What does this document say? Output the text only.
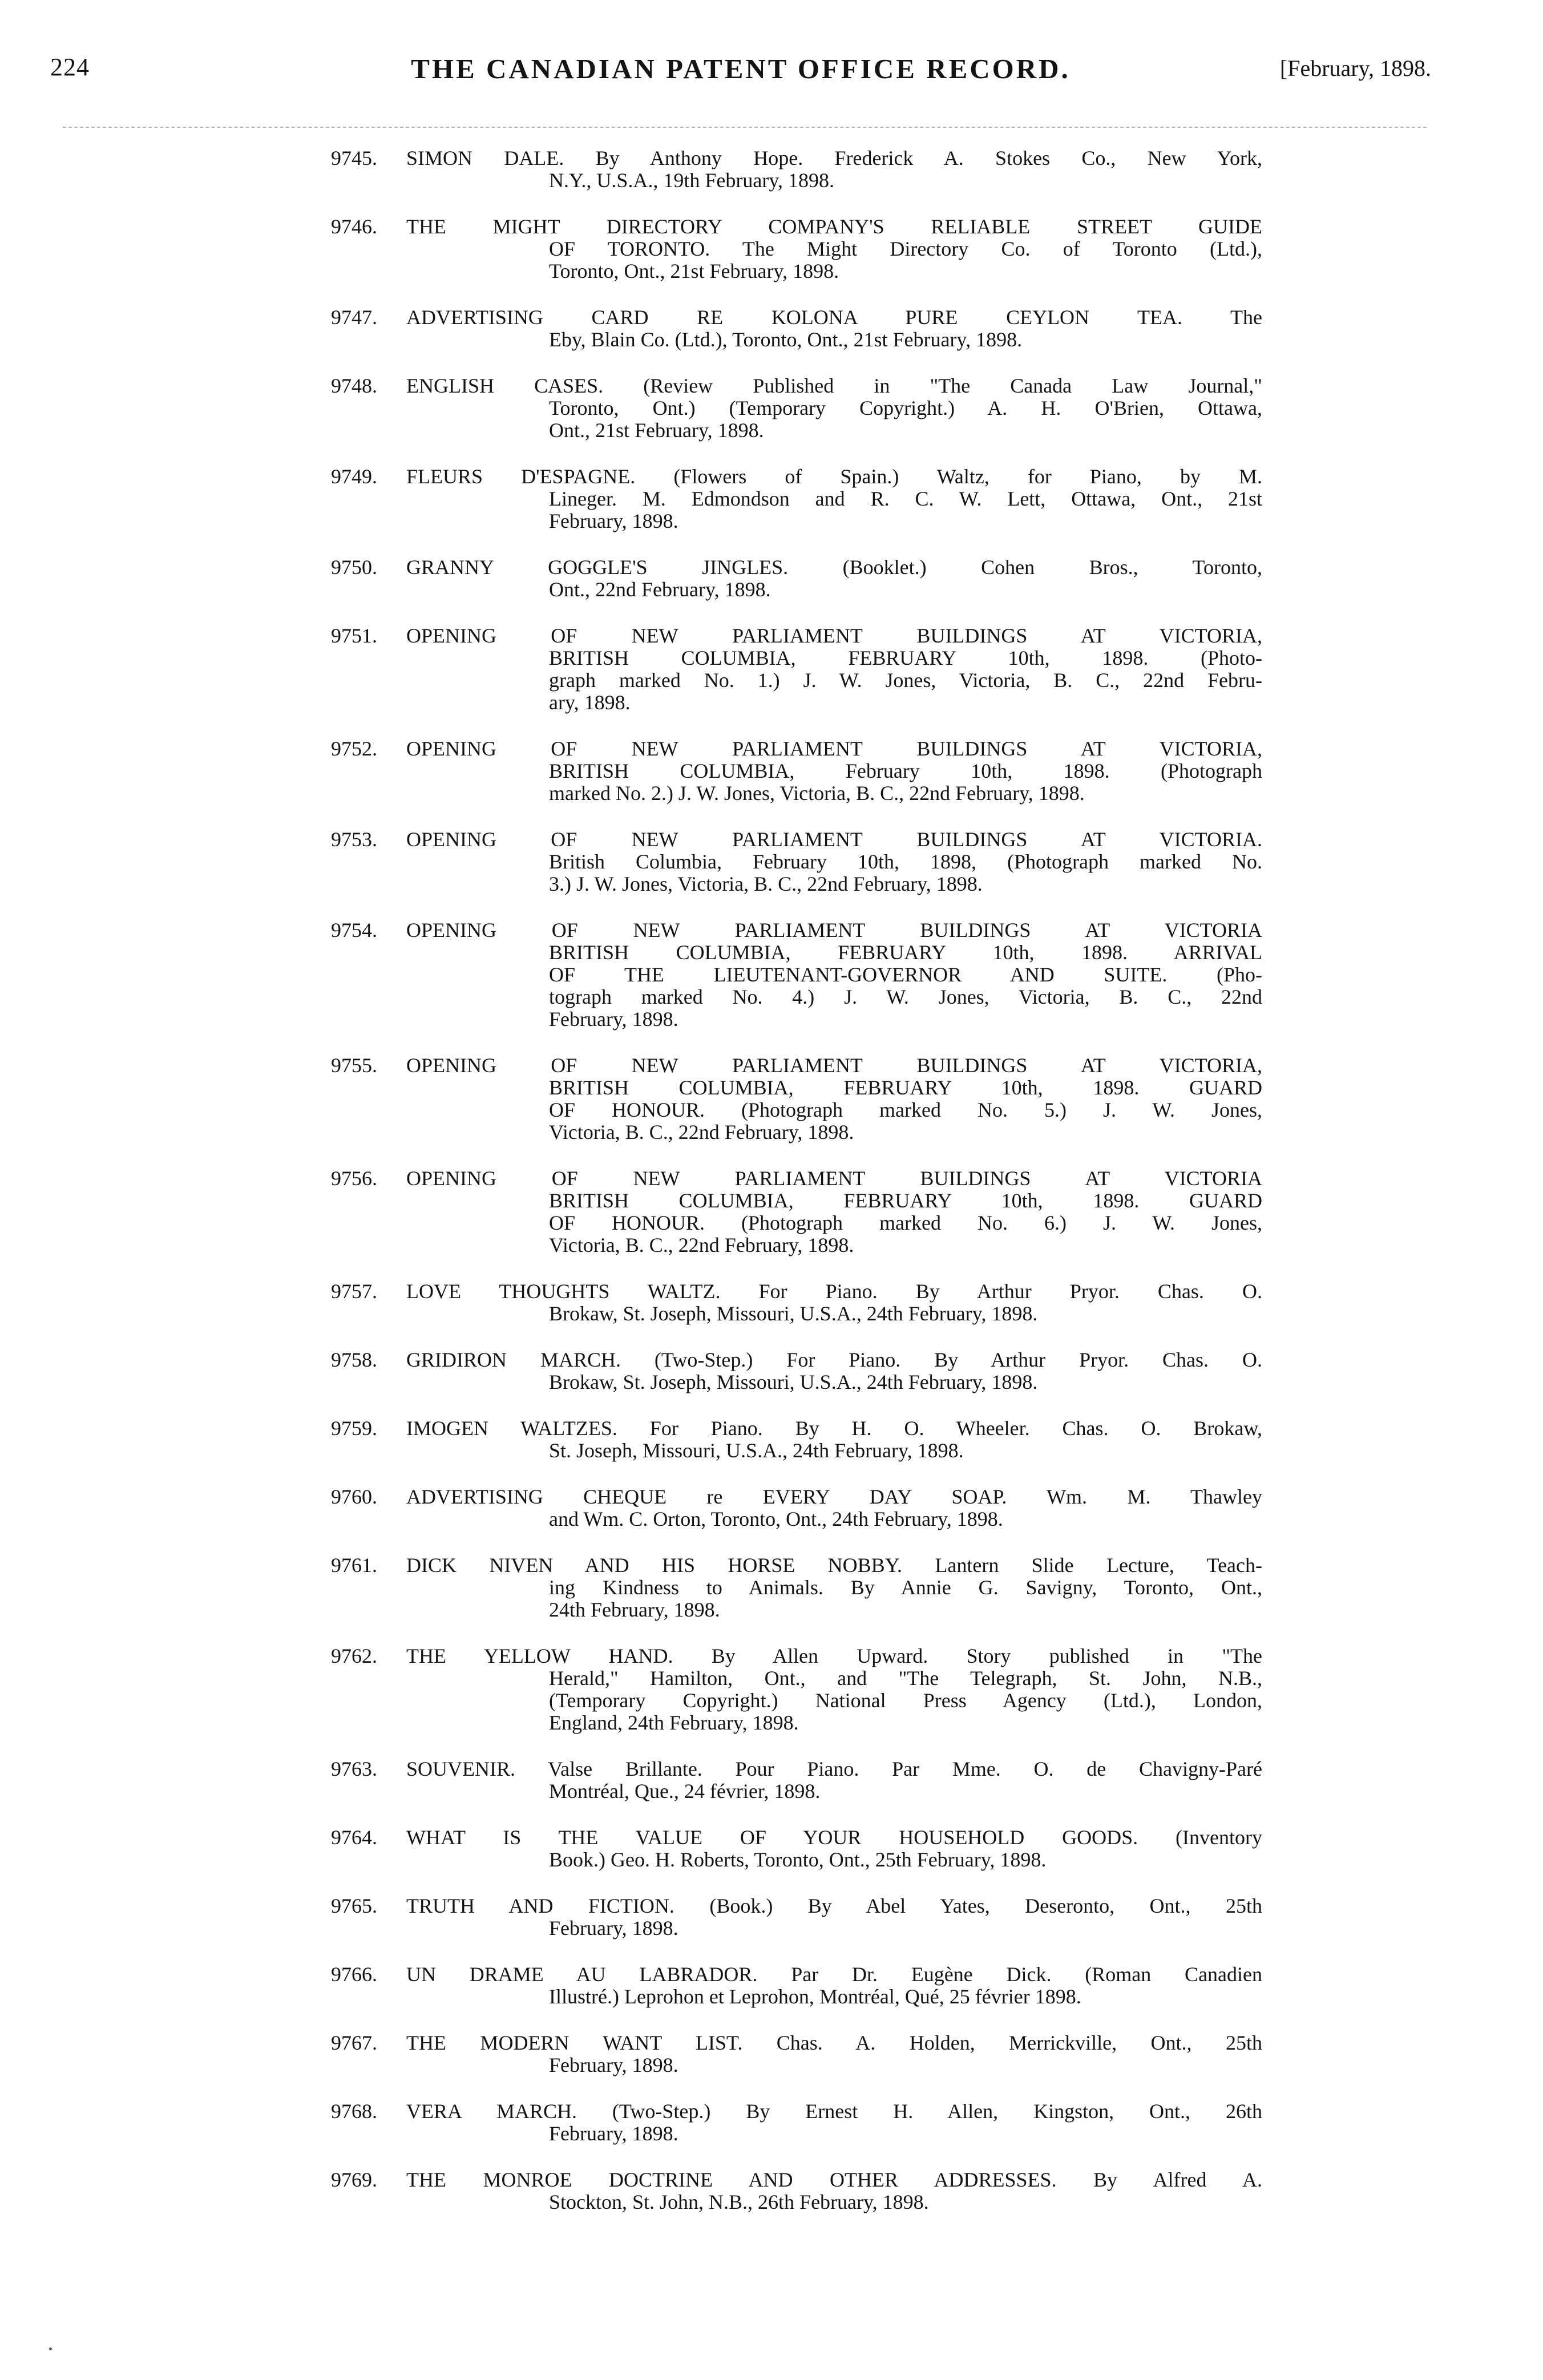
224	THE CANADIAN PATENT OFFICE RECORD.	[February, 1898.
9745. SIMON DALE. By Anthony Hope. Frederick A. Stokes Co., New York,
N.Y., U.S.A., 19th February, 1898.
9746. THE MIGHT DIRECTORY COMPANY'S RELIABLE STREET GUIDE
OF TORONTO. The Might Directory Co. of Toronto (Ltd.),
Toronto, Ont., 21st February, 1898.
9747. ADVERTISING CARD RE KOLONA PURE CEYLON TEA. The
Eby, Blain Co. (Ltd.), Toronto, Ont., 21st February, 1898.
9748. ENGLISH CASES. (Review Published in "The Canada Law Journal,"
Toronto, Ont.) (Temporary Copyright.) A. H. O'Brien, Ottawa,
Ont., 21st February, 1898.
9749. FLEURS D'ESPAGNE. (Flowers of Spain.) Waltz, for Piano, by M.
Lineger. M. Edmondson and R. C. W. Lett, Ottawa, Ont., 21st
February, 1898.
9750. GRANNY GOGGLE'S JINGLES. (Booklet.) Cohen Bros., Toronto,
Ont., 22nd February, 1898.
9751. OPENING OF NEW PARLIAMENT BUILDINGS AT VICTORIA,
BRITISH COLUMBIA, FEBRUARY 10th, 1898. (Photo-
graph marked No. 1.) J. W. Jones, Victoria, B. C., 22nd Febru-
ary, 1898.
9752. OPENING OF NEW PARLIAMENT BUILDINGS AT VICTORIA,
BRITISH COLUMBIA, February 10th, 1898. (Photograph
marked No. 2.) J. W. Jones, Victoria, B. C., 22nd February, 1898.
9753. OPENING OF NEW PARLIAMENT BUILDINGS AT VICTORIA.
British Columbia, February 10th, 1898, (Photograph marked No.
3.) J. W. Jones, Victoria, B. C., 22nd February, 1898.
9754. OPENING OF NEW PARLIAMENT BUILDINGS AT VICTORIA
BRITISH COLUMBIA, FEBRUARY 10th, 1898. ARRIVAL
OF THE LIEUTENANT-GOVERNOR AND SUITE. (Pho-
tograph marked No. 4.) J. W. Jones, Victoria, B. C., 22nd
February, 1898.
9755. OPENING OF NEW PARLIAMENT BUILDINGS AT VICTORIA,
BRITISH COLUMBIA, FEBRUARY 10th, 1898. GUARD
OF HONOUR. (Photograph marked No. 5.) J. W. Jones,
Victoria, B. C., 22nd February, 1898.
9756. OPENING OF NEW PARLIAMENT BUILDINGS AT VICTORIA
BRITISH COLUMBIA, FEBRUARY 10th, 1898. GUARD
OF HONOUR. (Photograph marked No. 6.) J. W. Jones,
Victoria, B. C., 22nd February, 1898.
9757. LOVE THOUGHTS WALTZ. For Piano. By Arthur Pryor. Chas. O.
Brokaw, St. Joseph, Missouri, U.S.A., 24th February, 1898.
9758. GRIDIRON MARCH. (Two-Step.) For Piano. By Arthur Pryor. Chas. O.
Brokaw, St. Joseph, Missouri, U.S.A., 24th February, 1898.
9759. IMOGEN WALTZES. For Piano. By H. O. Wheeler. Chas. O. Brokaw,
St. Joseph, Missouri, U.S.A., 24th February, 1898.
9760. ADVERTISING CHEQUE re EVERY DAY SOAP. Wm. M. Thawley
and Wm. C. Orton, Toronto, Ont., 24th February, 1898.
9761. DICK NIVEN AND HIS HORSE NOBBY. Lantern Slide Lecture, Teach-
ing Kindness to Animals. By Annie G. Savigny, Toronto, Ont.,
24th February, 1898.
9762. THE YELLOW HAND. By Allen Upward. Story published in "The
Herald," Hamilton, Ont., and "The Telegraph, St. John, N.B.,
(Temporary Copyright.) National Press Agency (Ltd.), London,
England, 24th February, 1898.
9763. SOUVENIR. Valse Brillante. Pour Piano. Par Mme. O. de Chavigny-Paré
Montréal, Que., 24 février, 1898.
9764. WHAT IS THE VALUE OF YOUR HOUSEHOLD GOODS. (Inventory
Book.) Geo. H. Roberts, Toronto, Ont., 25th February, 1898.
9765. TRUTH AND FICTION. (Book.) By Abel Yates, Deseronto, Ont., 25th
February, 1898.
9766. UN DRAME AU LABRADOR. Par Dr. Eugène Dick. (Roman Canadien
Illustré.) Leprohon et Leprohon, Montréal, Qué, 25 février 1898.
9767. THE MODERN WANT LIST. Chas. A. Holden, Merrickville, Ont., 25th
February, 1898.
9768. VERA MARCH. (Two-Step.) By Ernest H. Allen, Kingston, Ont., 26th
February, 1898.
9769. THE MONROE DOCTRINE AND OTHER ADDRESSES. By Alfred A.
Stockton, St. John, N.B., 26th February, 1898.
